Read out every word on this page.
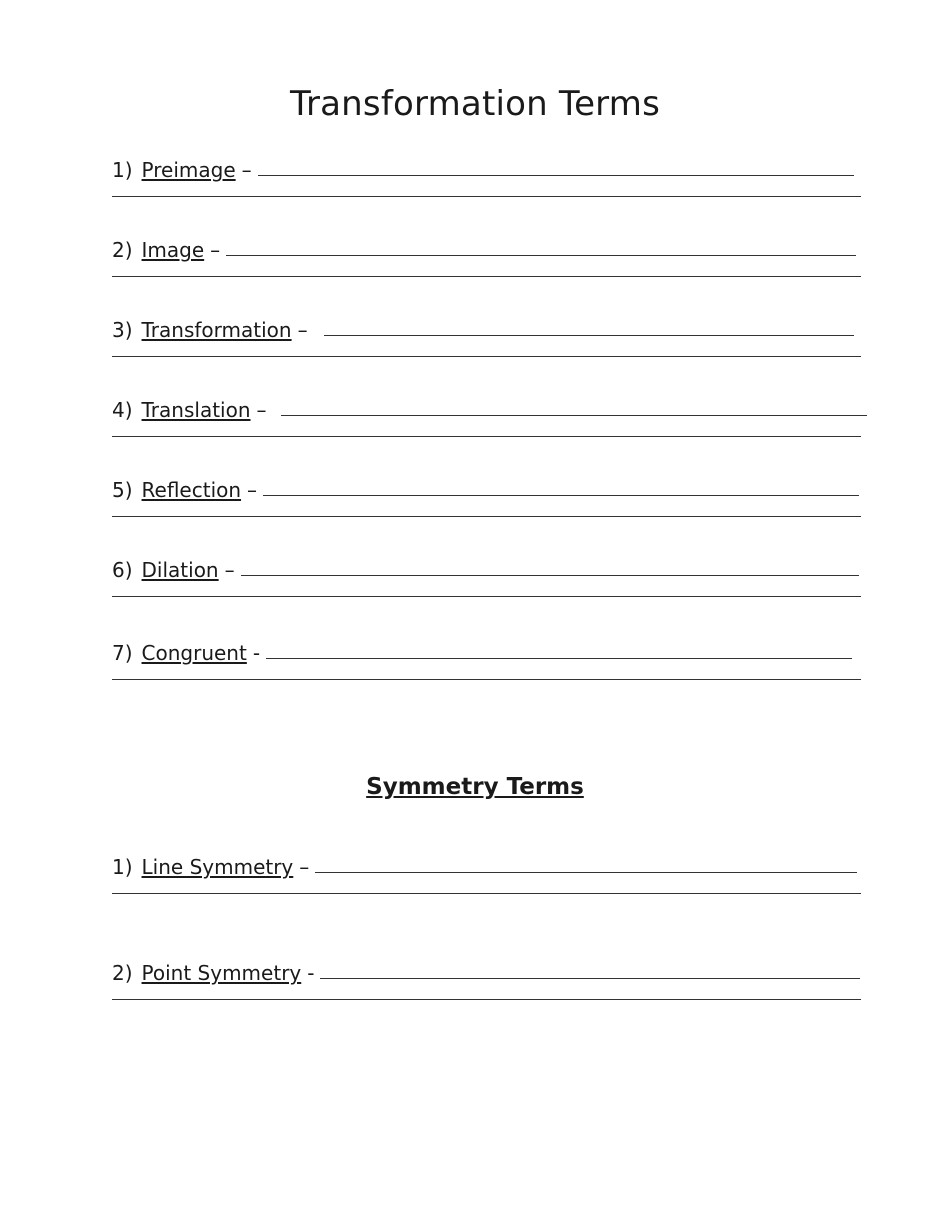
Transformation Terms
1) Preimage –
2) Image –
3) Transformation –
4) Translation –
5) Reflection –
6) Dilation –
7) Congruent -
Symmetry Terms
1) Line Symmetry –
2) Point Symmetry -
